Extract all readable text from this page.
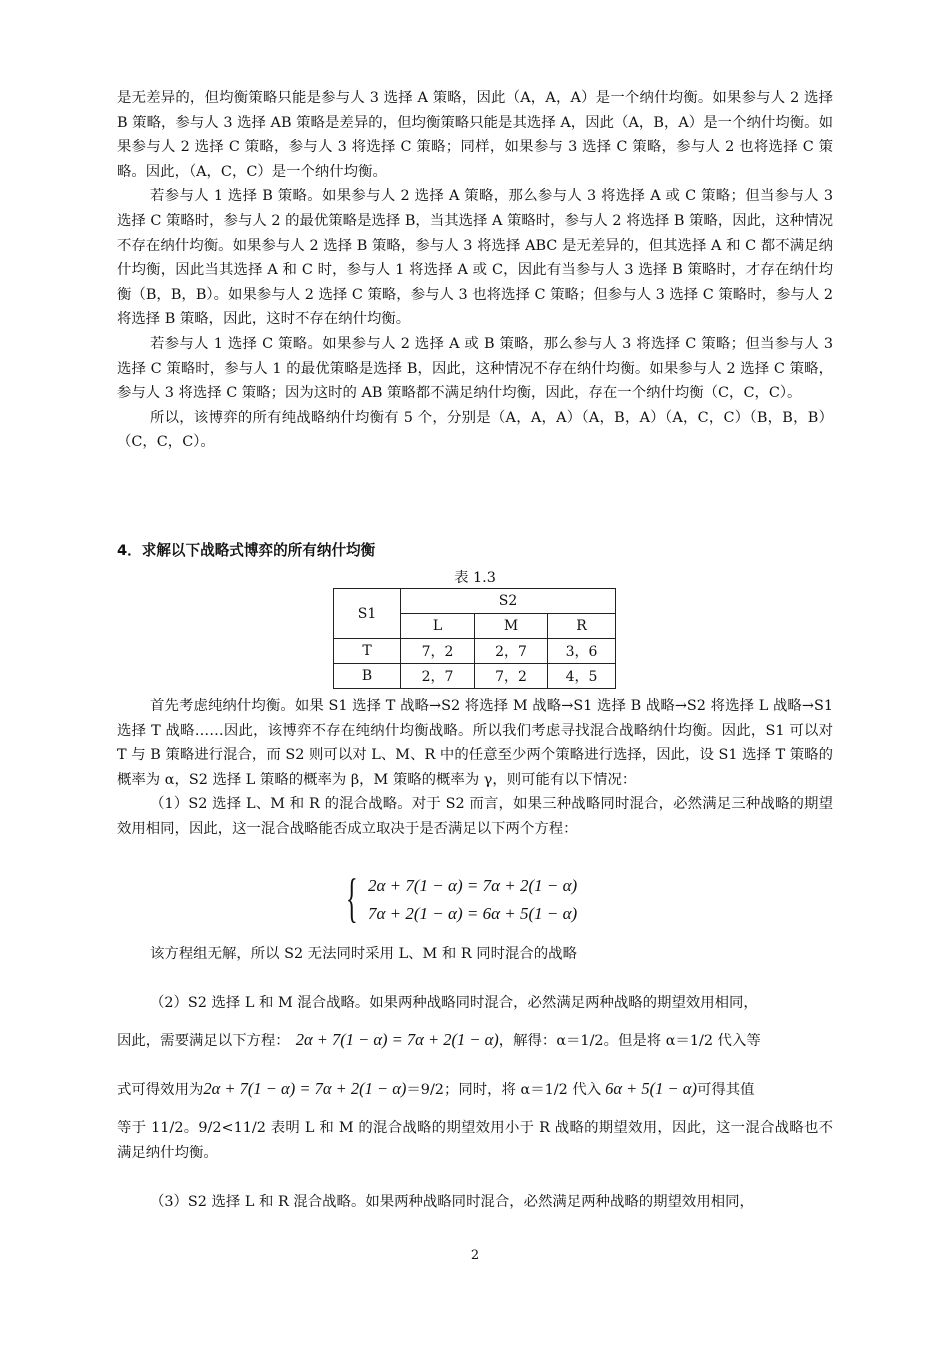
是无差异的，但均衡策略只能是参与人 3 选择 A 策略，因此（A，A，A）是一个纳什均衡。如果参与人 2 选择 B 策略，参与人 3 选择 AB 策略是差异的，但均衡策略只能是其选择 A，因此（A，B，A）是一个纳什均衡。如果参与人 2 选择 C 策略，参与人 3 将选择 C 策略；同样，如果参与 3 选择 C 策略，参与人 2 也将选择 C 策略。因此，（A，C，C）是一个纳什均衡。

若参与人 1 选择 B 策略。如果参与人 2 选择 A 策略，那么参与人 3 将选择 A 或 C 策略；但当参与人 3 选择 C 策略时，参与人 2 的最优策略是选择 B，当其选择 A 策略时，参与人 2 将选择 B 策略，因此，这种情况不存在纳什均衡。如果参与人 2 选择 B 策略，参与人 3 将选择 ABC 是无差异的，但其选择 A 和 C 都不满足纳什均衡，因此当其选择 A 和 C 时，参与人 1 将选择 A 或 C，因此有当参与人 3 选择 B 策略时，才存在纳什均衡（B，B，B）。如果参与人 2 选择 C 策略，参与人 3 也将选择 C 策略；但参与人 3 选择 C 策略时，参与人 2 将选择 B 策略，因此，这时不存在纳什均衡。

若参与人 1 选择 C 策略。如果参与人 2 选择 A 或 B 策略，那么参与人 3 将选择 C 策略；但当参与人 3 选择 C 策略时，参与人 1 的最优策略是选择 B，因此，这种情况不存在纳什均衡。如果参与人 2 选择 C 策略，参与人 3 将选择 C 策略；因为这时的 AB 策略都不满足纳什均衡，因此，存在一个纳什均衡（C，C，C）。

所以，该博弈的所有纯战略纳什均衡有 5 个，分别是（A，A，A）（A，B，A）（A，C，C）（B，B，B）（C，C，C）。

4．求解以下战略式博弈的所有纳什均衡
表 1.3
S1	S2		
	L	M	R
T	7，2	2，7	3，6
B	2，7	7，2	4，5

首先考虑纯纳什均衡。如果 S1 选择 T 战略→S2 将选择 M 战略→S1 选择 B 战略→S2 将选择 L 战略→S1 选择 T 战略……因此，该博弈不存在纯纳什均衡战略。所以我们考虑寻找混合战略纳什均衡。因此，S1 可以对 T 与 B 策略进行混合，而 S2 则可以对 L、M、R 中的任意至少两个策略进行选择，因此，设 S1 选择 T 策略的概率为 α，S2 选择 L 策略的概率为 β，M 策略的概率为 γ，则可能有以下情况：

（1）S2 选择 L、M 和 R 的混合战略。对于 S2 而言，如果三种战略同时混合，必然满足三种战略的期望效用相同，因此，这一混合战略能否成立取决于是否满足以下两个方程：

{ 2α + 7(1 − α) = 7α + 2(1 − α)
7α + 2(1 − α) = 6α + 5(1 − α)

该方程组无解，所以 S2 无法同时采用 L、M 和 R 同时混合的战略

（2）S2 选择 L 和 M 混合战略。如果两种战略同时混合，必然满足两种战略的期望效用相同，

因此，需要满足以下方程： 2α + 7(1 − α) = 7α + 2(1 − α)，解得：α＝1/2。但是将 α＝1/2 代入等
式可得效用为2α + 7(1 − α) = 7α + 2(1 − α)＝9/2；同时，将 α＝1/2 代入 6α + 5(1 − α)可得其值

等于 11/2。9/2<11/2 表明 L 和 M 的混合战略的期望效用小于 R 战略的期望效用，因此，这一混合战略也不满足纳什均衡。

（3）S2 选择 L 和 R 混合战略。如果两种战略同时混合，必然满足两种战略的期望效用相同，

2
